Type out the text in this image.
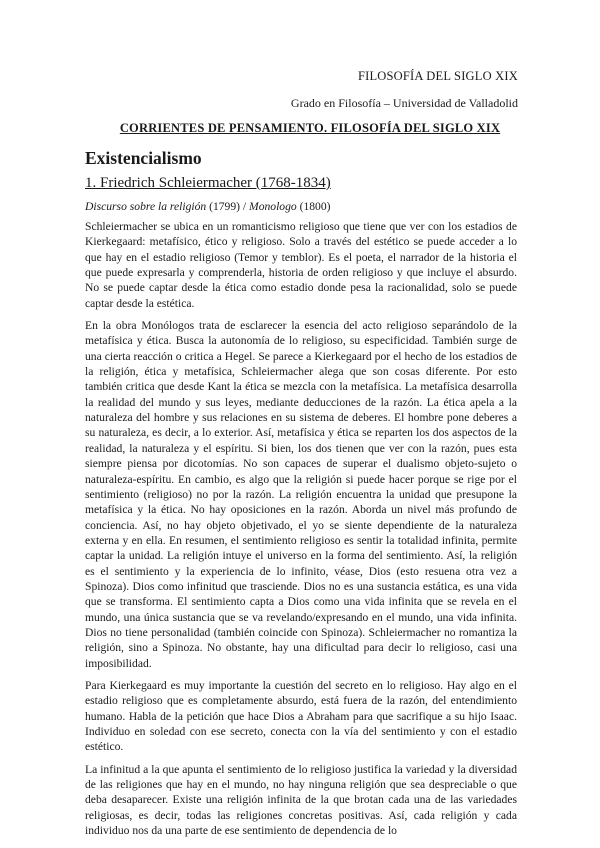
FILOSOFÍA DEL SIGLO XIX
Grado en Filosofía – Universidad de Valladolid
CORRIENTES DE PENSAMIENTO. FILOSOFÍA DEL SIGLO XIX
Existencialismo
1. Friedrich Schleiermacher (1768-1834)
Discurso sobre la religión (1799) / Monologo (1800)

Schleiermacher se ubica en un romanticismo religioso que tiene que ver con los estadios de Kierkegaard: metafísico, ético y religioso. Solo a través del estético se puede acceder a lo que hay en el estadio religioso (Temor y temblor). Es el poeta, el narrador de la historia el que puede expresarla y comprenderla, historia de orden religioso y que incluye el absurdo. No se puede captar desde la ética como estadio donde pesa la racionalidad, solo se puede captar desde la estética.

En la obra Monólogos trata de esclarecer la esencia del acto religioso separándolo de la metafísica y ética. Busca la autonomía de lo religioso, su especificidad. También surge de una cierta reacción o critica a Hegel. Se parece a Kierkegaard por el hecho de los estadios de la religión, ética y metafísica, Schleiermacher alega que son cosas diferente. Por esto también critica que desde Kant la ética se mezcla con la metafísica. La metafísica desarrolla la realidad del mundo y sus leyes, mediante deducciones de la razón. La ética apela a la naturaleza del hombre y sus relaciones en su sistema de deberes. El hombre pone deberes a su naturaleza, es decir, a lo exterior. Así, metafísica y ética se reparten los dos aspectos de la realidad, la naturaleza y el espíritu. Si bien, los dos tienen que ver con la razón, pues esta siempre piensa por dicotomías. No son capaces de superar el dualismo objeto-sujeto o naturaleza-espíritu. En cambio, es algo que la religión si puede hacer porque se rige por el sentimiento (religioso) no por la razón. La religión encuentra la unidad que presupone la metafísica y la ética. No hay oposiciones en la razón. Aborda un nivel más profundo de conciencia. Así, no hay objeto objetivado, el yo se siente dependiente de la naturaleza externa y en ella. En resumen, el sentimiento religioso es sentir la totalidad infinita, permite captar la unidad. La religión intuye el universo en la forma del sentimiento. Así, la religión es el sentimiento y la experiencia de lo infinito, véase, Dios (esto resuena otra vez a Spinoza). Dios como infinitud que trasciende. Dios no es una sustancia estática, es una vida que se transforma. El sentimiento capta a Dios como una vida infinita que se revela en el mundo, una única sustancia que se va revelando/expresando en el mundo, una vida infinita. Dios no tiene personalidad (también coincide con Spinoza). Schleiermacher no romantiza la religión, sino a Spinoza. No obstante, hay una dificultad para decir lo religioso, casi una imposibilidad.

Para Kierkegaard es muy importante la cuestión del secreto en lo religioso. Hay algo en el estadio religioso que es completamente absurdo, está fuera de la razón, del entendimiento humano. Habla de la petición que hace Dios a Abraham para que sacrifique a su hijo Isaac. Individuo en soledad con ese secreto, conecta con la vía del sentimiento y con el estadio estético.

La infinitud a la que apunta el sentimiento de lo religioso justifica la variedad y la diversidad de las religiones que hay en el mundo, no hay ninguna religión que sea despreciable o que deba desaparecer. Existe una religión infinita de la que brotan cada una de las variedades religiosas, es decir, todas las religiones concretas positivas. Así, cada religión y cada individuo nos da una parte de ese sentimiento de dependencia de lo
